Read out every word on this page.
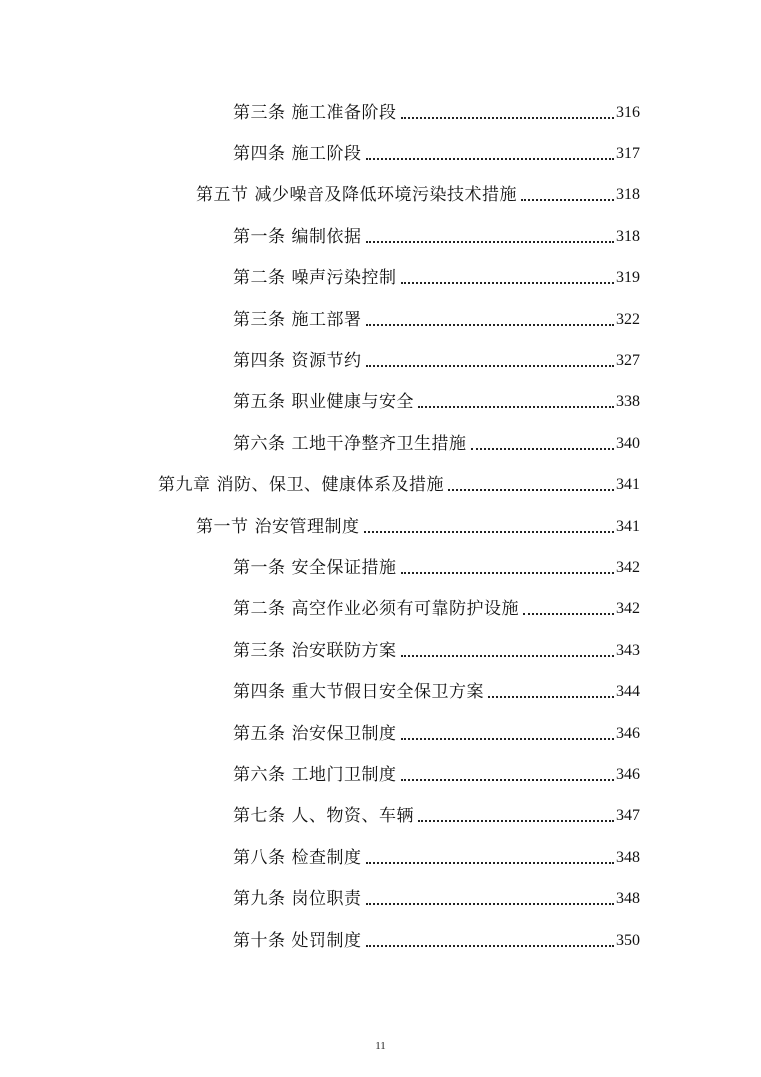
第三条 施工准备阶段	316
第四条 施工阶段	317
第五节 减少噪音及降低环境污染技术措施	318
第一条 编制依据	318
第二条 噪声污染控制	319
第三条 施工部署	322
第四条 资源节约	327
第五条 职业健康与安全	338
第六条 工地干净整齐卫生措施	340
第九章 消防、保卫、健康体系及措施	341
第一节 治安管理制度	341
第一条 安全保证措施	342
第二条 高空作业必须有可靠防护设施	342
第三条 治安联防方案	343
第四条 重大节假日安全保卫方案	344
第五条 治安保卫制度	346
第六条 工地门卫制度	346
第七条 人、物资、车辆	347
第八条 检查制度	348
第九条 岗位职责	348
第十条 处罚制度	350
11
